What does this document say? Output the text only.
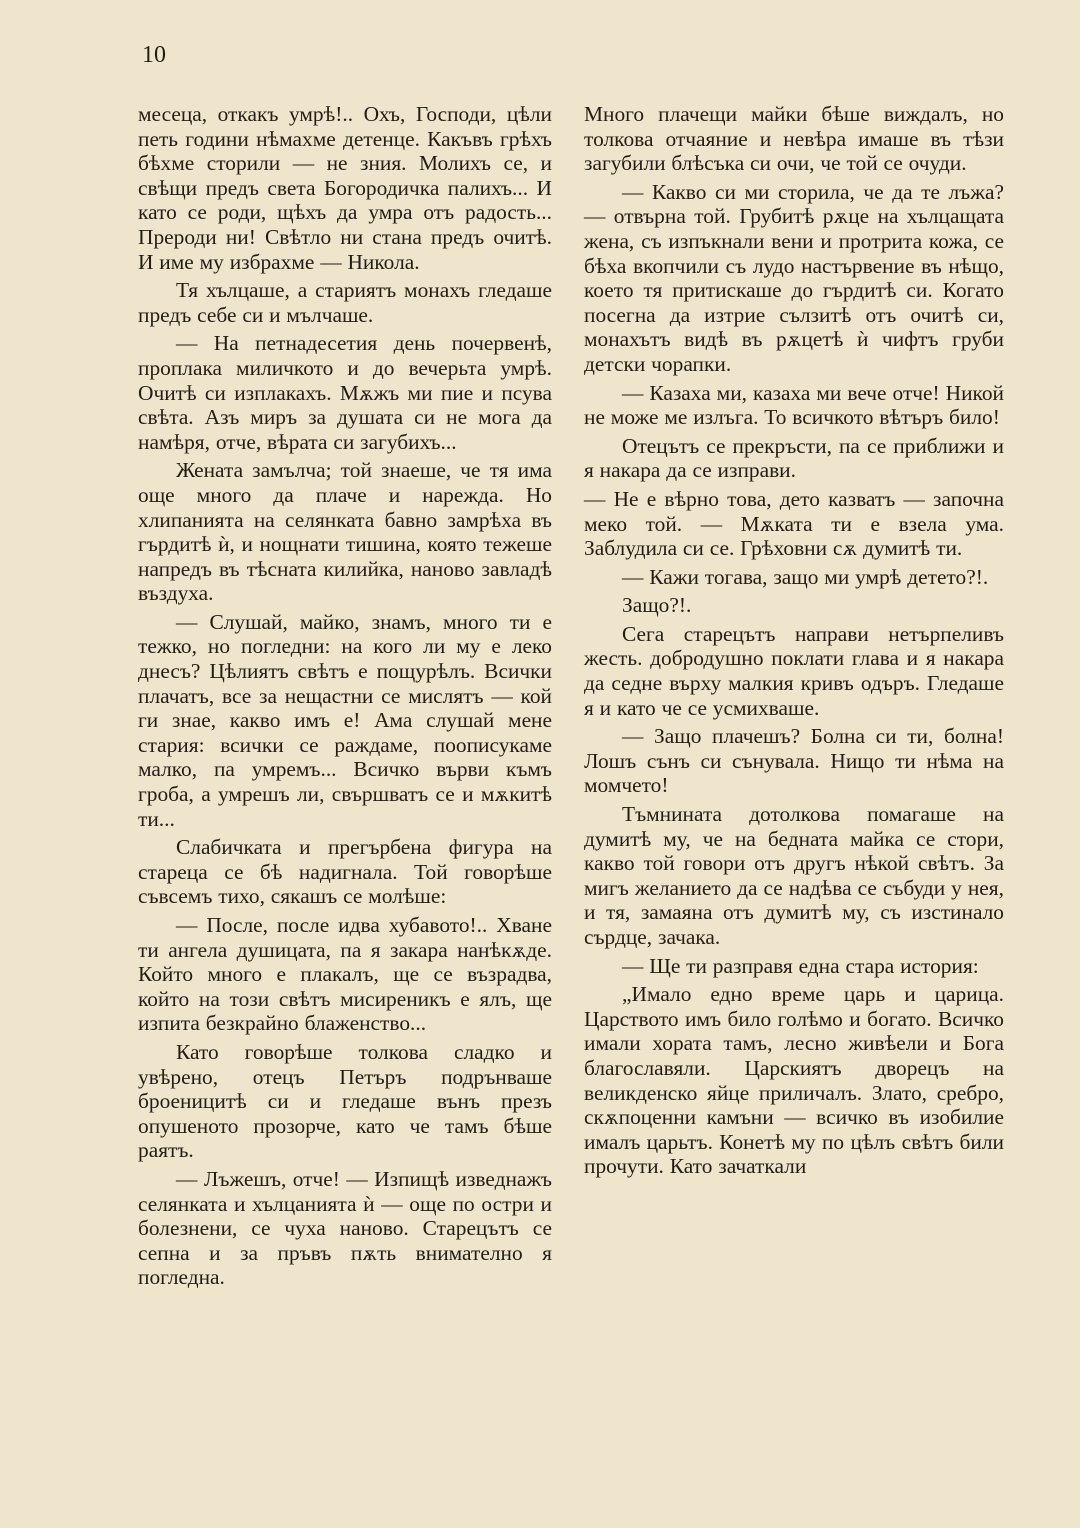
10

месеца, откакъ умрѣ!.. Охъ, Господи, цѣли петь години нѣмахме детенце. Какъвъ грѣхъ бѣхме сторили — не зния. Молихъ се, и свѣщи предъ света Богородичка палихъ... И като се роди, щѣхъ да умра отъ радость... Прероди ни! Свѣтло ни стана предъ очитѣ. И име му избрахме — Никола.

Тя хълцаше, а стариятъ монахъ гледаше предъ себе си и мълчаше.

— На петнадесетия день почервенѣ, проплака миличкото и до вечерьта умрѣ. Очитѣ си изплакахъ. Мѫжъ ми пие и псува свѣта. Азъ миръ за душата си не мога да намѣря, отче, вѣрата си загубихъ...

Жената замълча; той знаеше, че тя има още много да плаче и нарежда. Но хлипанията на селянката бавно замрѣха въ гърдитѣ ѝ, и нощнати тишина, която тежеше напредъ въ тѣсната килийка, наново завладѣ въздуха.

— Слушай, майко, знамъ, много ти е тежко, но погледни: на кого ли му е леко днесъ? Цѣлиятъ свѣтъ е пощурѣлъ. Всички плачатъ, все за нещастни се мислятъ — кой ги знае, какво имъ е! Ама слушай мене стария: всички се раждаме, поописукаме малко, па умремъ... Всичко върви къмъ гроба, а умрешъ ли, свършватъ се и мѫкитѣ ти...

Слабичката и прегърбена фигура на стареца се бѣ надигнала. Той говорѣше съвсемъ тихо, сякашъ се молѣше:

— После, после идва хубавото!.. Хване ти ангела душицата, па я закара нанѣкѫде. Който много е плакалъ, ще се възрадва, който на този свѣтъ мисиреникъ е ялъ, ще изпита безкрайно блаженство...

Като говорѣше толкова сладко и увѣрено, отецъ Петъръ подрънваше броеницитѣ си и гледаше вънъ презъ опушеното прозорче, като че тамъ бѣше раятъ.

— Лъжешъ, отче! — Изпищѣ изведнажъ селянката и хълцанията ѝ — още по остри и болезнени, се чуха наново. Старецътъ се сепна и за пръвъ пѫть внимателно я погледна.

Много плачещи майки бѣше виждалъ, но толкова отчаяние и невѣра имаше въ тѣзи загубили блѣсъка си очи, че той се очуди.

— Какво си ми сторила, че да те лъжа? — отвърна той. Грубитѣ рѫце на хълцащата жена, съ изпъкнали вени и протрита кожа, се бѣха вкопчили съ лудо настървение въ нѣщо, което тя притискаше до гърдитѣ си. Когато посегна да изтрие сълзитѣ отъ очитѣ си, монахътъ видѣ въ рѫцетѣ ѝ чифтъ груби детски чорапки.

— Казаха ми, казаха ми вече отче! Никой не може ме излъга. То всичкото вѣтъръ било!

Отецътъ се прекръсти, па се приближи и я накара да се изправи.

— Не е вѣрно това, дето казватъ — започна меко той. — Мѫката ти е взела ума. Заблудила си се. Грѣховни сѫ думитѣ ти.

— Кажи тогава, защо ми умрѣ детето?!.

Защо?!.

Сега старецътъ направи нетърпеливъ жесть. добродушно поклати глава и я накара да седне върху малкия кривъ одъръ. Гледаше я и като че се усмихваше.

— Защо плачешъ? Болна си ти, болна! Лошъ сънъ си сънувала. Нищо ти нѣма на момчето!

Тъмнината дотолкова помагаше на думитѣ му, че на бедната майка се стори, какво той говори отъ другъ нѣкой свѣтъ. За мигъ желанието да се надѣва се събуди у нея, и тя, замаяна отъ думитѣ му, съ изстинало сърдце, зачака.

— Ще ти разправя една стара история:

„Имало едно време царь и царица. Царството имъ било голѣмо и богато. Всичко имали хората тамъ, лесно живѣели и Бога благославяли. Царскиятъ дворецъ на великденско яйце приличалъ. Злато, сребро, скѫпоценни камъни — всичко въ изобилие ималъ царьтъ. Конетѣ му по цѣлъ свѣтъ били прочути. Като зачаткали
